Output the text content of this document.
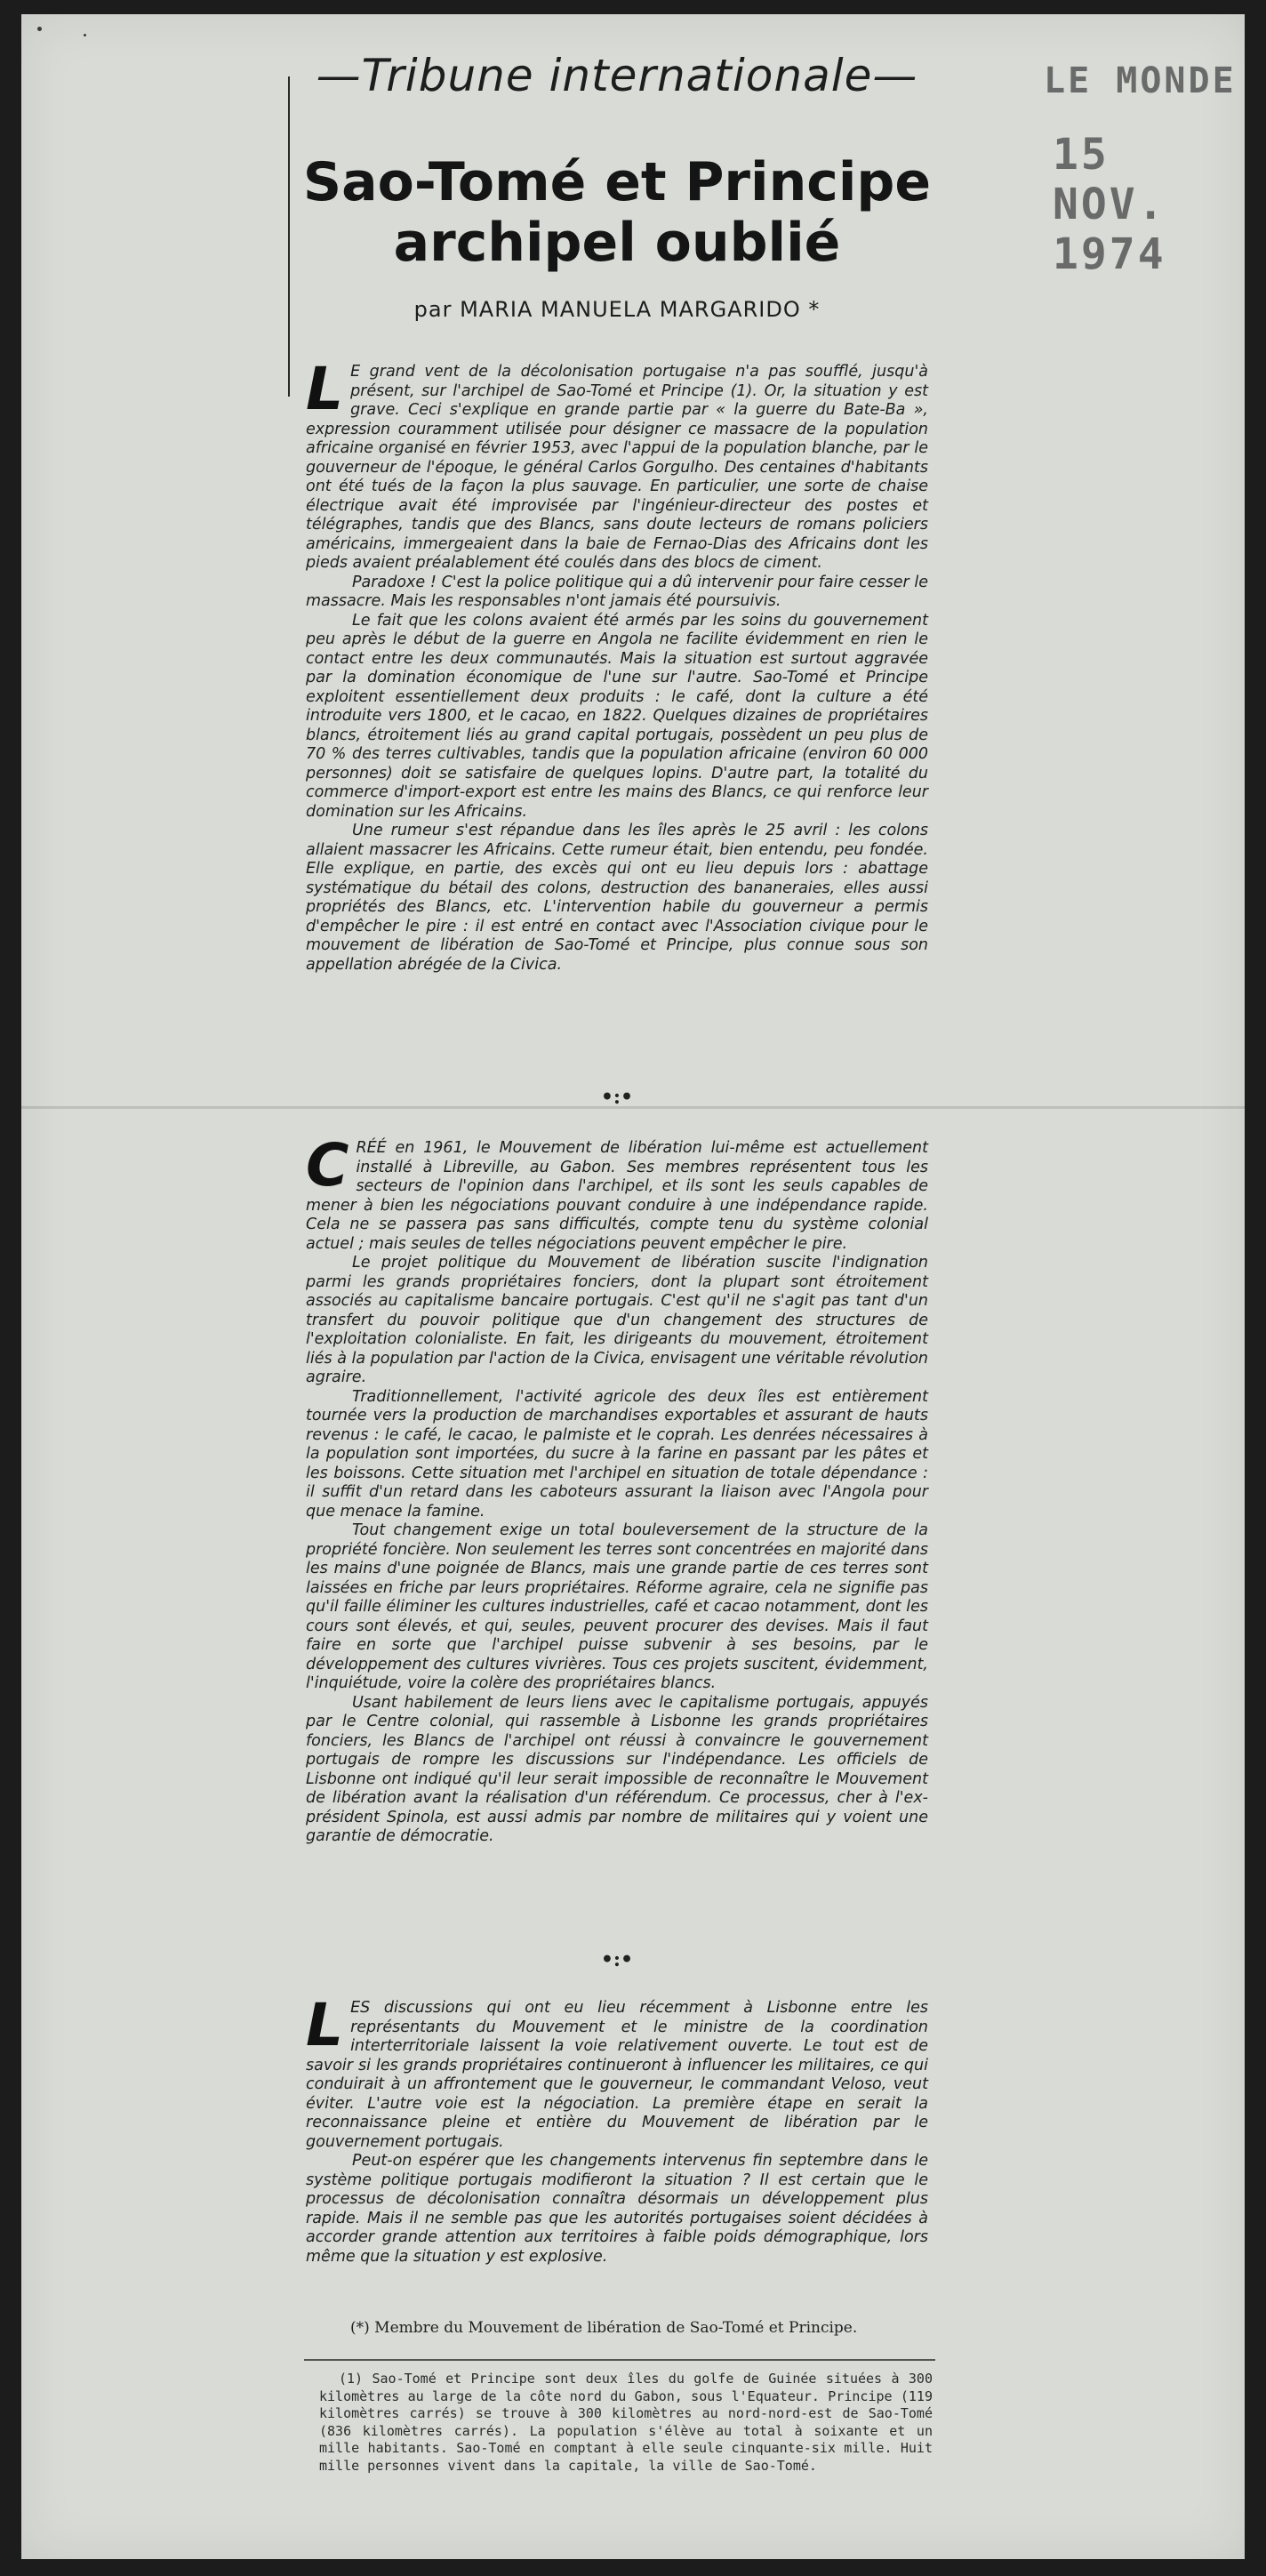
LE MONDE
15 NOV. 1974
—Tribune internationale—
Sao-Tomé et Principe
archipel oublié
par MARIA MANUELA MARGARIDO *
L E grand vent de la décolonisation portugaise n'a pas soufflé, jusqu'à présent, sur l'archipel de Sao-Tomé et Principe (1). Or, la situation y est grave. Ceci s'explique en grande partie par « la guerre du Bate-Ba », expression couramment utilisée pour désigner ce massacre de la population africaine organisé en février 1953, avec l'appui de la population blanche, par le gouverneur de l'époque, le général Carlos Gorgulho. Des centaines d'habitants ont été tués de la façon la plus sauvage. En particulier, une sorte de chaise électrique avait été improvisée par l'ingénieur-directeur des postes et télégraphes, tandis que des Blancs, sans doute lecteurs de romans policiers américains, immergeaient dans la baie de Fernao-Dias des Africains dont les pieds avaient préalablement été coulés dans des blocs de ciment.

Paradoxe ! C'est la police politique qui a dû intervenir pour faire cesser le massacre. Mais les responsables n'ont jamais été poursuivis.

Le fait que les colons avaient été armés par les soins du gouvernement peu après le début de la guerre en Angola ne facilite évidemment en rien le contact entre les deux communautés. Mais la situation est surtout aggravée par la domination économique de l'une sur l'autre. Sao-Tomé et Principe exploitent essentiellement deux produits : le café, dont la culture a été introduite vers 1800, et le cacao, en 1822. Quelques dizaines de propriétaires blancs, étroitement liés au grand capital portugais, possèdent un peu plus de 70 % des terres cultivables, tandis que la population africaine (environ 60 000 personnes) doit se satisfaire de quelques lopins. D'autre part, la totalité du commerce d'import-export est entre les mains des Blancs, ce qui renforce leur domination sur les Africains.

Une rumeur s'est répandue dans les îles après le 25 avril : les colons allaient massacrer les Africains. Cette rumeur était, bien entendu, peu fondée. Elle explique, en partie, des excès qui ont eu lieu depuis lors : abattage systématique du bétail des colons, destruction des bananeraies, elles aussi propriétés des Blancs, etc. L'intervention habile du gouverneur a permis d'empêcher le pire : il est entré en contact avec l'Association civique pour le mouvement de libération de Sao-Tomé et Principe, plus connue sous son appellation abrégée de la Civica.

•:•
C RÉÉ en 1961, le Mouvement de libération lui-même est actuellement installé à Libreville, au Gabon. Ses membres représentent tous les secteurs de l'opinion dans l'archipel, et ils sont les seuls capables de mener à bien les négociations pouvant conduire à une indépendance rapide. Cela ne se passera pas sans difficultés, compte tenu du système colonial actuel ; mais seules de telles négociations peuvent empêcher le pire.

Le projet politique du Mouvement de libération suscite l'indignation parmi les grands propriétaires fonciers, dont la plupart sont étroitement associés au capitalisme bancaire portugais. C'est qu'il ne s'agit pas tant d'un transfert du pouvoir politique que d'un changement des structures de l'exploitation colonialiste. En fait, les dirigeants du mouvement, étroitement liés à la population par l'action de la Civica, envisagent une véritable révolution agraire.

Traditionnellement, l'activité agricole des deux îles est entièrement tournée vers la production de marchandises exportables et assurant de hauts revenus : le café, le cacao, le palmiste et le coprah. Les denrées nécessaires à la population sont importées, du sucre à la farine en passant par les pâtes et les boissons. Cette situation met l'archipel en situation de totale dépendance : il suffit d'un retard dans les caboteurs assurant la liaison avec l'Angola pour que menace la famine.

Tout changement exige un total bouleversement de la structure de la propriété foncière. Non seulement les terres sont concentrées en majorité dans les mains d'une poignée de Blancs, mais une grande partie de ces terres sont laissées en friche par leurs propriétaires. Réforme agraire, cela ne signifie pas qu'il faille éliminer les cultures industrielles, café et cacao notamment, dont les cours sont élevés, et qui, seules, peuvent procurer des devises. Mais il faut faire en sorte que l'archipel puisse subvenir à ses besoins, par le développement des cultures vivrières. Tous ces projets suscitent, évidemment, l'inquiétude, voire la colère des propriétaires blancs.

Usant habilement de leurs liens avec le capitalisme portugais, appuyés par le Centre colonial, qui rassemble à Lisbonne les grands propriétaires fonciers, les Blancs de l'archipel ont réussi à convaincre le gouvernement portugais de rompre les discussions sur l'indépendance. Les officiels de Lisbonne ont indiqué qu'il leur serait impossible de reconnaître le Mouvement de libération avant la réalisation d'un référendum. Ce processus, cher à l'ex-président Spinola, est aussi admis par nombre de militaires qui y voient une garantie de démocratie.

•:•
L ES discussions qui ont eu lieu récemment à Lisbonne entre les représentants du Mouvement et le ministre de la coordination interterritoriale laissent la voie relativement ouverte. Le tout est de savoir si les grands propriétaires continueront à influencer les militaires, ce qui conduirait à un affrontement que le gouverneur, le commandant Veloso, veut éviter. L'autre voie est la négociation. La première étape en serait la reconnaissance pleine et entière du Mouvement de libération par le gouvernement portugais.

Peut-on espérer que les changements intervenus fin septembre dans le système politique portugais modifieront la situation ? Il est certain que le processus de décolonisation connaîtra désormais un développement plus rapide. Mais il ne semble pas que les autorités portugaises soient décidées à accorder grande attention aux territoires à faible poids démographique, lors même que la situation y est explosive.

(*) Membre du Mouvement de libération de Sao-Tomé et Principe.

(1) Sao-Tomé et Principe sont deux îles du golfe de Guinée situées à 300 kilomètres au large de la côte nord du Gabon, sous l'Equateur. Principe (119 kilomètres carrés) se trouve à 300 kilomètres au nord-nord-est de Sao-Tomé (836 kilomètres carrés). La population s'élève au total à soixante et un mille habitants. Sao-Tomé en comptant à elle seule cinquante-six mille. Huit mille personnes vivent dans la capitale, la ville de Sao-Tomé.
